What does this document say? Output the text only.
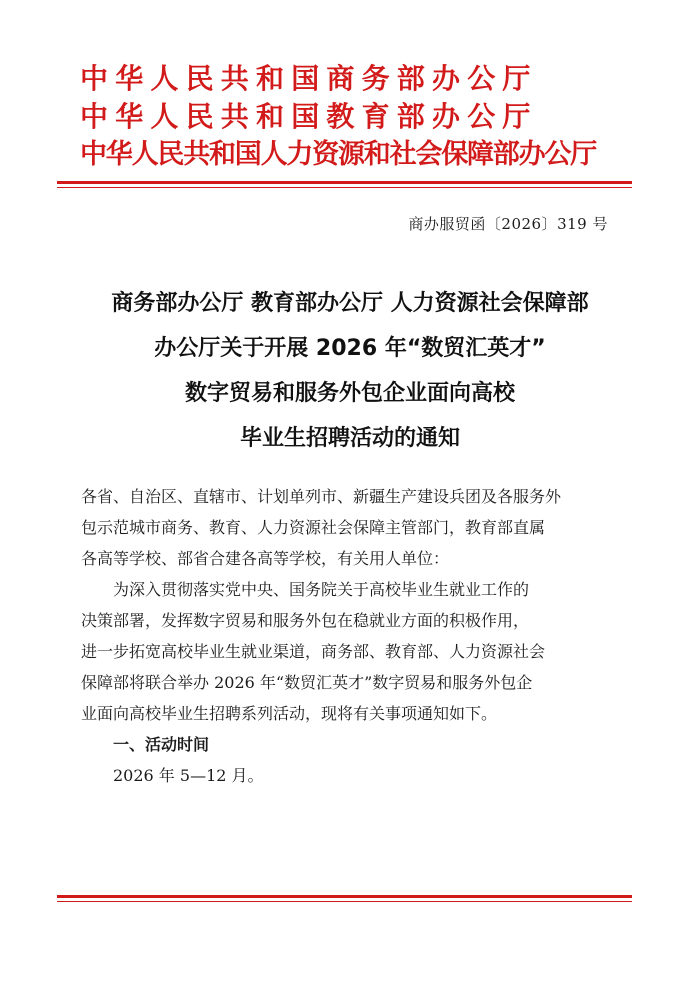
中华人民共和国商务部办公厅
中华人民共和国教育部办公厅
中华人民共和国人力资源和社会保障部办公厅
商办服贸函〔2026〕319 号
商务部办公厅 教育部办公厅 人力资源社会保障部
办公厅关于开展 2026 年“数贸汇英才”
数字贸易和服务外包企业面向高校
毕业生招聘活动的通知
各省、自治区、直辖市、计划单列市、新疆生产建设兵团及各服务外
包示范城市商务、教育、人力资源社会保障主管部门，教育部直属
各高等学校、部省合建各高等学校，有关用人单位：
为深入贯彻落实党中央、国务院关于高校毕业生就业工作的
决策部署，发挥数字贸易和服务外包在稳就业方面的积极作用，
进一步拓宽高校毕业生就业渠道，商务部、教育部、人力资源社会
保障部将联合举办 2026 年“数贸汇英才”数字贸易和服务外包企
业面向高校毕业生招聘系列活动，现将有关事项通知如下。
一、活动时间
2026 年 5—12 月。
